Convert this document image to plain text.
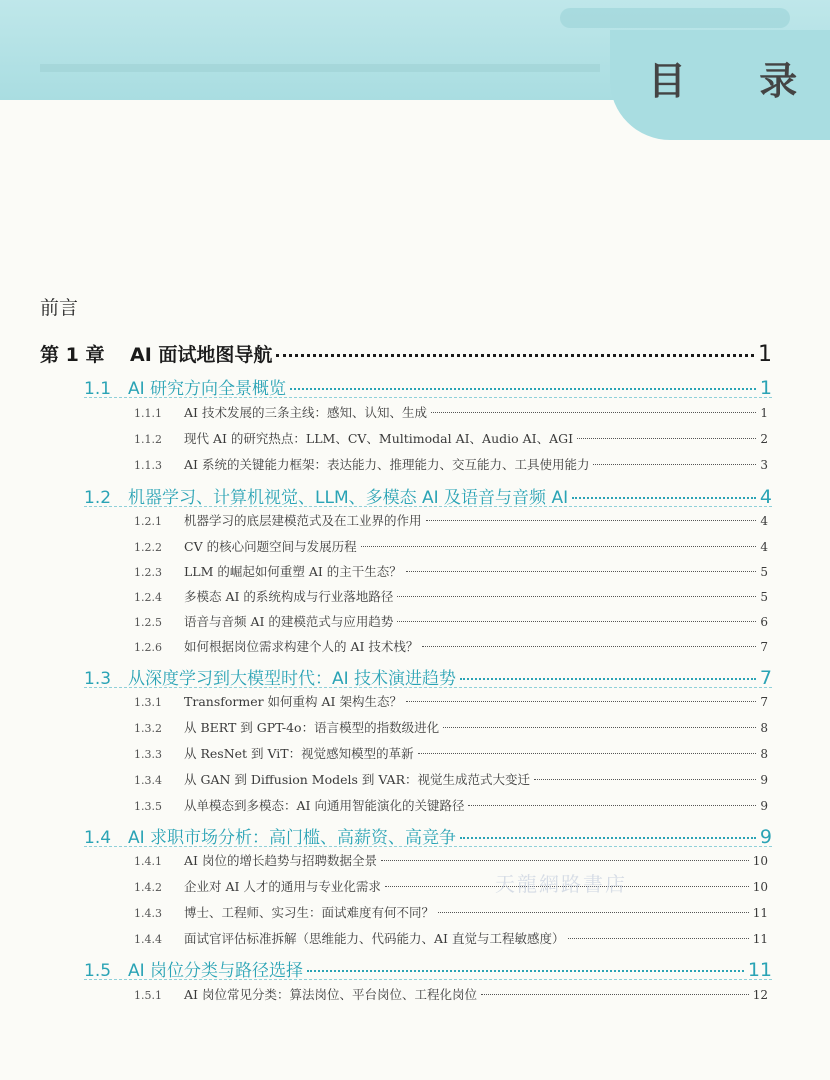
目 录
前言
第 1 章	AI 面试地图导航	1
1.1 AI 研究方向全景概览	1
1.1.1	AI 技术发展的三条主线：感知、认知、生成	1
1.1.2	现代 AI 的研究热点：LLM、CV、Multimodal AI、Audio AI、AGI	2
1.1.3	AI 系统的关键能力框架：表达能力、推理能力、交互能力、工具使用能力	3
1.2 机器学习、计算机视觉、LLM、多模态 AI 及语音与音频 AI	4
1.2.1	机器学习的底层建模范式及在工业界的作用	4
1.2.2	CV 的核心问题空间与发展历程	4
1.2.3	LLM 的崛起如何重塑 AI 的主干生态？	5
1.2.4	多模态 AI 的系统构成与行业落地路径	5
1.2.5	语音与音频 AI 的建模范式与应用趋势	6
1.2.6	如何根据岗位需求构建个人的 AI 技术栈？	7
1.3 从深度学习到大模型时代：AI 技术演进趋势	7
1.3.1	Transformer 如何重构 AI 架构生态？	7
1.3.2	从 BERT 到 GPT-4o：语言模型的指数级进化	8
1.3.3	从 ResNet 到 ViT：视觉感知模型的革新	8
1.3.4	从 GAN 到 Diffusion Models 到 VAR：视觉生成范式大变迁	9
1.3.5	从单模态到多模态：AI 向通用智能演化的关键路径	9
1.4 AI 求职市场分析：高门槛、高薪资、高竞争	9
1.4.1	AI 岗位的增长趋势与招聘数据全景	10
1.4.2	企业对 AI 人才的通用与专业化需求	10
1.4.3	博士、工程师、实习生：面试难度有何不同？	11
1.4.4	面试官评估标准拆解（思维能力、代码能力、AI 直觉与工程敏感度）	11
1.5 AI 岗位分类与路径选择	11
1.5.1	AI 岗位常见分类：算法岗位、平台岗位、工程化岗位	12
天龍網路書店
